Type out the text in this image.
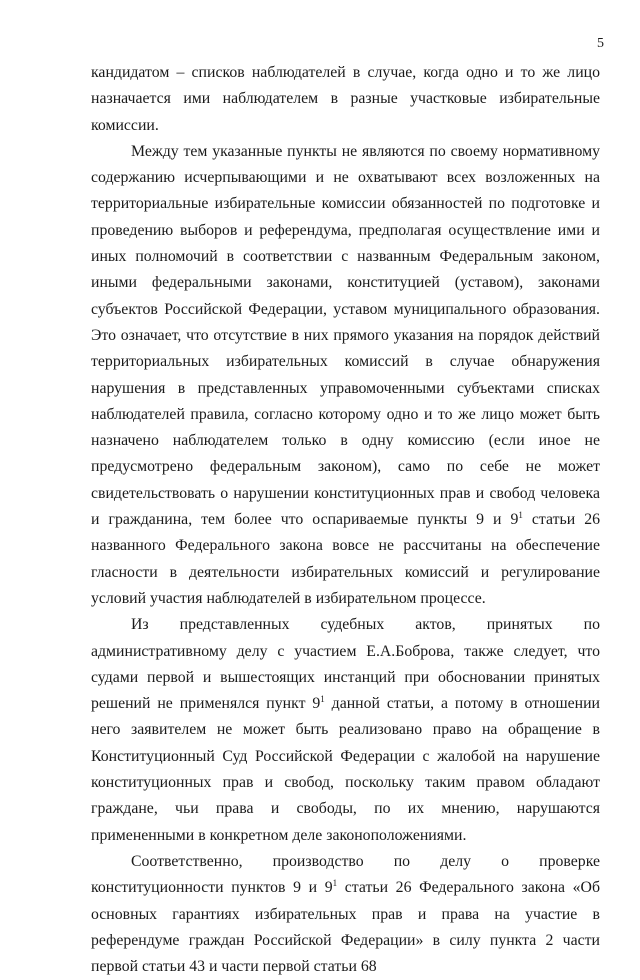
5

кандидатом – списков наблюдателей в случае, когда одно и то же лицо назначается ими наблюдателем в разные участковые избирательные комиссии.

Между тем указанные пункты не являются по своему нормативному содержанию исчерпывающими и не охватывают всех возложенных на территориальные избирательные комиссии обязанностей по подготовке и проведению выборов и референдума, предполагая осуществление ими и иных полномочий в соответствии с названным Федеральным законом, иными федеральными законами, конституцией (уставом), законами субъектов Российской Федерации, уставом муниципального образования. Это означает, что отсутствие в них прямого указания на порядок действий территориальных избирательных комиссий в случае обнаружения нарушения в представленных управомоченными субъектами списках наблюдателей правила, согласно которому одно и то же лицо может быть назначено наблюдателем только в одну комиссию (если иное не предусмотрено федеральным законом), само по себе не может свидетельствовать о нарушении конституционных прав и свобод человека и гражданина, тем более что оспариваемые пункты 9 и $9^1$ статьи 26 названного Федерального закона вовсе не рассчитаны на обеспечение гласности в деятельности избирательных комиссий и регулирование условий участия наблюдателей в избирательном процессе.

Из представленных судебных актов, принятых по административному делу с участием Е.А.Боброва, также следует, что судами первой и вышестоящих инстанций при обосновании принятых решений не применялся пункт $9^1$ данной статьи, а потому в отношении него заявителем не может быть реализовано право на обращение в Конституционный Суд Российской Федерации с жалобой на нарушение конституционных прав и свобод, поскольку таким правом обладают граждане, чьи права и свободы, по их мнению, нарушаются примененными в конкретном деле законоположениями.

Соответственно, производство по делу о проверке конституционности пунктов 9 и $9^1$ статьи 26 Федерального закона «Об основных гарантиях избирательных прав и права на участие в референдуме граждан Российской Федерации» в силу пункта 2 части первой статьи 43 и части первой статьи 68
